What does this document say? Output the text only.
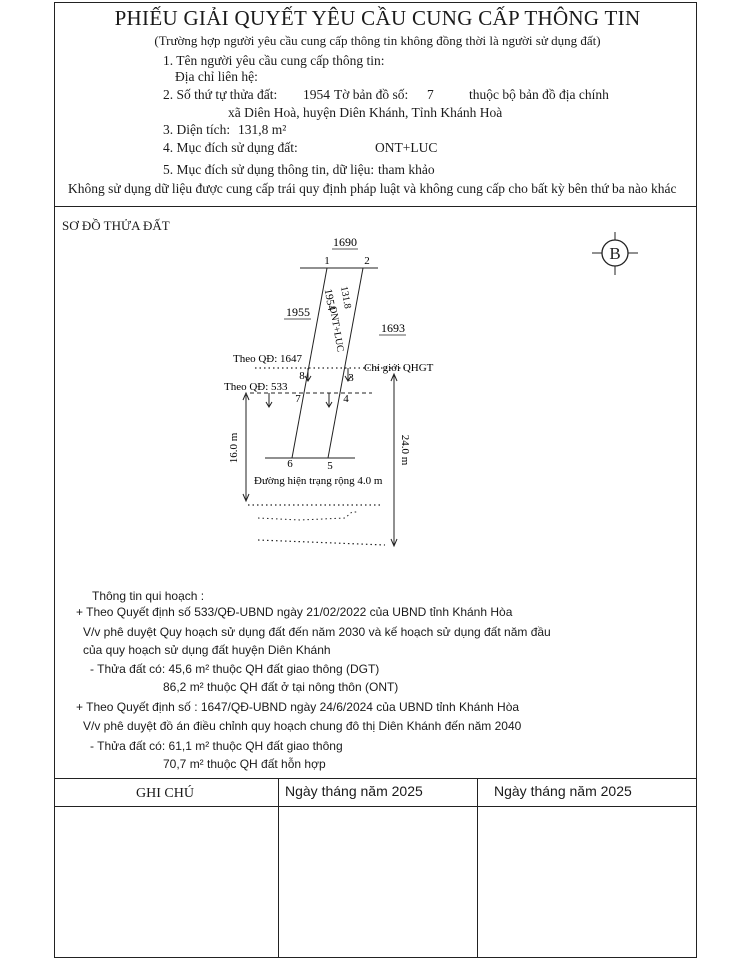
PHIẾU GIẢI QUYẾT YÊU CẦU CUNG CẤP THÔNG TIN
(Trường hợp người yêu cầu cung cấp thông tin không đồng thời là người sử dụng đất)
1. Tên người yêu cầu cung cấp thông tin:
Địa chỉ liên hệ:
2. Số thứ tự thửa đất: 1954 Tờ bản đồ số: 7	thuộc bộ bản đồ địa chính
xã Diên Hoà, huyện Diên Khánh, Tỉnh Khánh Hoà
3. Diện tích: 131,8 m²
4. Mục đích sử dụng đất:	ONT+LUC
5. Mục đích sử dụng thông tin, dữ liệu: tham khảo
Không sử dụng dữ liệu được cung cấp trái quy định pháp luật và không cung cấp cho bất kỳ bên thứ ba nào khác
SƠ ĐỒ THỬA ĐẤT
B
1690
1955
1693
1954
ONT+LUC
131.8
1	2
3
4
5
6
7
8
Theo QĐ: 1647
Theo QĐ: 533
Chỉ giới QHGT
16.0 m	24.0 m
Đường hiện trạng rộng 4.0 m
Thông tin qui hoạch :
+ Theo Quyết định số 533/QĐ-UBND ngày 21/02/2022 của UBND tỉnh Khánh Hòa
V/v phê duyệt Quy hoạch sử dụng đất đến năm 2030 và kế hoạch sử dụng đất năm đầu
của quy hoạch sử dụng đất huyện Diên Khánh
- Thửa đất có: 45,6 m² thuộc QH đất giao thông (DGT)
86,2 m² thuộc QH đất ở tại nông thôn (ONT)
+ Theo Quyết định số : 1647/QĐ-UBND ngày 24/6/2024 của UBND tỉnh Khánh Hòa
V/v phê duyệt đồ án điều chỉnh quy hoạch chung đô thị Diên Khánh đến năm 2040
- Thửa đất có: 61,1 m² thuộc QH đất giao thông
70,7 m² thuộc QH đất hỗn hợp
GHI CHÚ	Ngày tháng năm 2025	Ngày tháng năm 2025
